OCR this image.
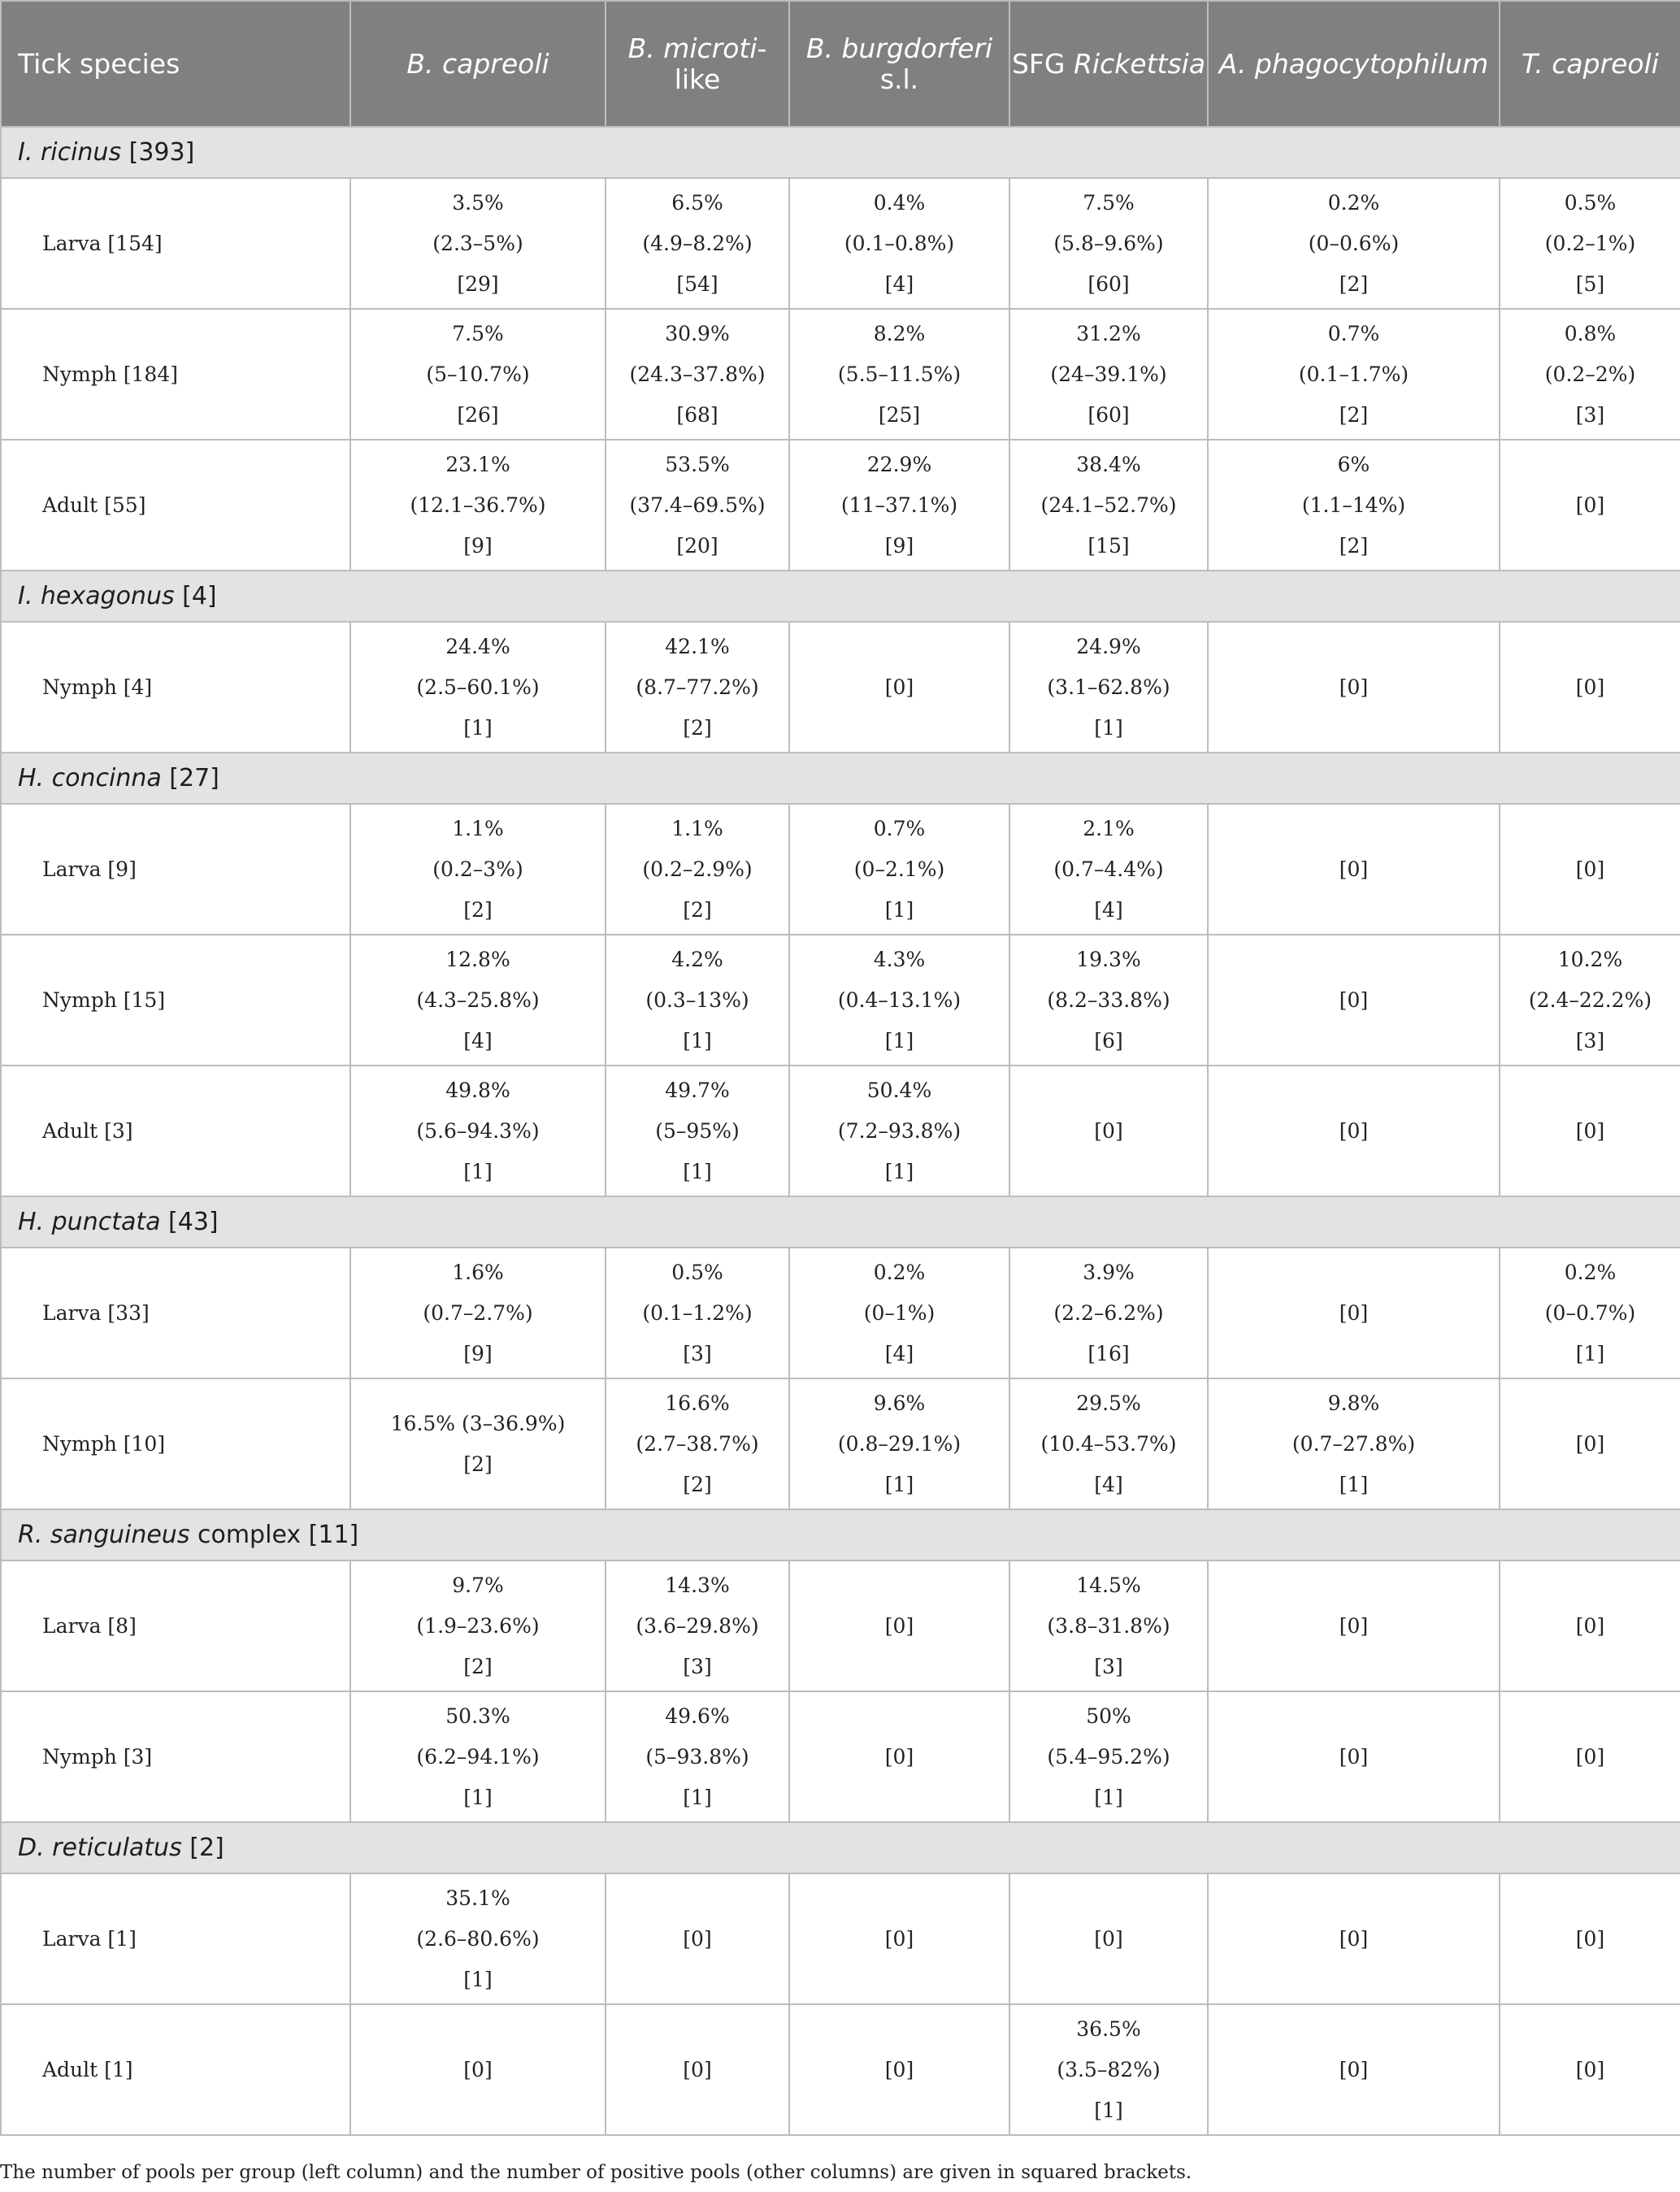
Tick species	B. capreoli	B. microti-like	B. burgdorferi s.l.	SFG Rickettsia	A. phagocytophilum	T. capreoli
I. ricinus [393]						
Larva [154]	3.5%
(2.3–5%)
[29]	6.5%
(4.9–8.2%)
[54]	0.4%
(0.1–0.8%)
[4]	7.5%
(5.8–9.6%)
[60]	0.2%
(0–0.6%)
[2]	0.5%
(0.2–1%)
[5]

Nymph [184]	7.5%
(5–10.7%)
[26]	30.9%
(24.3–37.8%)
[68]	8.2%
(5.5–11.5%)
[25]	31.2%
(24–39.1%)
[60]	0.7%
(0.1–1.7%)
[2]	0.8%
(0.2–2%)
[3]

Adult [55]	23.1%
(12.1–36.7%)
[9]	53.5%
(37.4–69.5%)
[20]	22.9%
(11–37.1%)
[9]	38.4%
(24.1–52.7%)
[15]	6%
(1.1–14%)
[2]	[0]

I. hexagonus [4]						
Nymph [4]	24.4%
(2.5–60.1%)
[1]	42.1%
(8.7–77.2%)
[2]	[0]	24.9%
(3.1–62.8%)
[1]	[0]	[0]

H. concinna [27]						
Larva [9]	1.1%
(0.2–3%)
[2]	1.1%
(0.2–2.9%)
[2]	0.7%
(0–2.1%)
[1]	2.1%
(0.7–4.4%)
[4]	[0]	[0]

Nymph [15]	12.8%
(4.3–25.8%)
[4]	4.2%
(0.3–13%)
[1]	4.3%
(0.4–13.1%)
[1]	19.3%
(8.2–33.8%)
[6]	[0]	10.2%
(2.4–22.2%)
[3]

Adult [3]	49.8%
(5.6–94.3%)
[1]	49.7%
(5–95%)
[1]	50.4%
(7.2–93.8%)
[1]	[0]	[0]	[0]

H. punctata [43]						
Larva [33]	1.6%
(0.7–2.7%)
[9]	0.5%
(0.1–1.2%)
[3]	0.2%
(0–1%)
[4]	3.9%
(2.2–6.2%)
[16]	[0]	0.2%
(0–0.7%)
[1]

Nymph [10]	16.5% (3–36.9%)
[2]	16.6%
(2.7–38.7%)
[2]	9.6%
(0.8–29.1%)
[1]	29.5%
(10.4–53.7%)
[4]	9.8%
(0.7–27.8%)
[1]	[0]

R. sanguineus complex [11]						
Larva [8]	9.7%
(1.9–23.6%)
[2]	14.3%
(3.6–29.8%)
[3]	[0]	14.5%
(3.8–31.8%)
[3]	[0]	[0]

Nymph [3]	50.3%
(6.2–94.1%)
[1]	49.6%
(5–93.8%)
[1]	[0]	50%
(5.4–95.2%)
[1]	[0]	[0]

D. reticulatus [2]						
Larva [1]	35.1%
(2.6–80.6%)
[1]	[0]	[0]	[0]	[0]	[0]

Adult [1]	[0]	[0]	[0]	36.5%
(3.5–82%)
[1]	[0]	[0]
The number of pools per group (left column) and the number of positive pools (other columns) are given in squared brackets.
